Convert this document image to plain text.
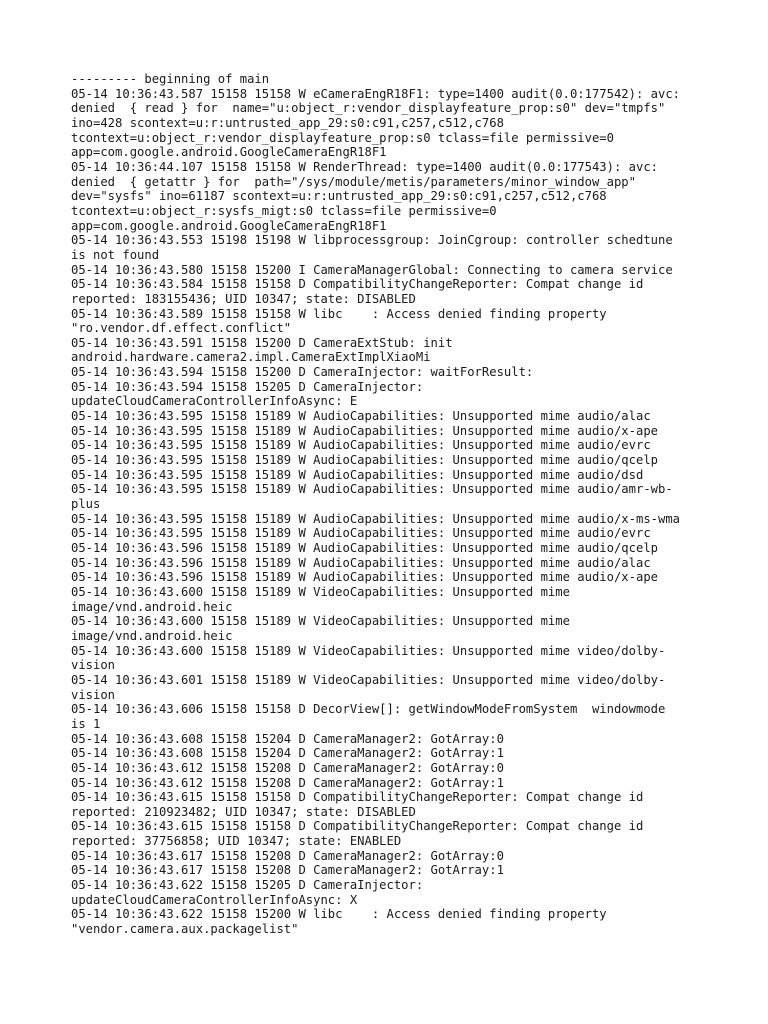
--------- beginning of main
05-14 10:36:43.587 15158 15158 W eCameraEngR18F1: type=1400 audit(0.0:177542): avc:
denied  { read } for  name="u:object_r:vendor_displayfeature_prop:s0" dev="tmpfs"
ino=428 scontext=u:r:untrusted_app_29:s0:c91,c257,c512,c768
tcontext=u:object_r:vendor_displayfeature_prop:s0 tclass=file permissive=0
app=com.google.android.GoogleCameraEngR18F1
05-14 10:36:44.107 15158 15158 W RenderThread: type=1400 audit(0.0:177543): avc:
denied  { getattr } for  path="/sys/module/metis/parameters/minor_window_app"
dev="sysfs" ino=61187 scontext=u:r:untrusted_app_29:s0:c91,c257,c512,c768
tcontext=u:object_r:sysfs_migt:s0 tclass=file permissive=0
app=com.google.android.GoogleCameraEngR18F1
05-14 10:36:43.553 15198 15198 W libprocessgroup: JoinCgroup: controller schedtune
is not found
05-14 10:36:43.580 15158 15200 I CameraManagerGlobal: Connecting to camera service
05-14 10:36:43.584 15158 15158 D CompatibilityChangeReporter: Compat change id
reported: 183155436; UID 10347; state: DISABLED
05-14 10:36:43.589 15158 15158 W libc    : Access denied finding property
"ro.vendor.df.effect.conflict"
05-14 10:36:43.591 15158 15200 D CameraExtStub: init
android.hardware.camera2.impl.CameraExtImplXiaoMi
05-14 10:36:43.594 15158 15200 D CameraInjector: waitForResult:
05-14 10:36:43.594 15158 15205 D CameraInjector:
updateCloudCameraControllerInfoAsync: E
05-14 10:36:43.595 15158 15189 W AudioCapabilities: Unsupported mime audio/alac
05-14 10:36:43.595 15158 15189 W AudioCapabilities: Unsupported mime audio/x-ape
05-14 10:36:43.595 15158 15189 W AudioCapabilities: Unsupported mime audio/evrc
05-14 10:36:43.595 15158 15189 W AudioCapabilities: Unsupported mime audio/qcelp
05-14 10:36:43.595 15158 15189 W AudioCapabilities: Unsupported mime audio/dsd
05-14 10:36:43.595 15158 15189 W AudioCapabilities: Unsupported mime audio/amr-wb-
plus
05-14 10:36:43.595 15158 15189 W AudioCapabilities: Unsupported mime audio/x-ms-wma
05-14 10:36:43.595 15158 15189 W AudioCapabilities: Unsupported mime audio/evrc
05-14 10:36:43.596 15158 15189 W AudioCapabilities: Unsupported mime audio/qcelp
05-14 10:36:43.596 15158 15189 W AudioCapabilities: Unsupported mime audio/alac
05-14 10:36:43.596 15158 15189 W AudioCapabilities: Unsupported mime audio/x-ape
05-14 10:36:43.600 15158 15189 W VideoCapabilities: Unsupported mime
image/vnd.android.heic
05-14 10:36:43.600 15158 15189 W VideoCapabilities: Unsupported mime
image/vnd.android.heic
05-14 10:36:43.600 15158 15189 W VideoCapabilities: Unsupported mime video/dolby-
vision
05-14 10:36:43.601 15158 15189 W VideoCapabilities: Unsupported mime video/dolby-
vision
05-14 10:36:43.606 15158 15158 D DecorView[]: getWindowModeFromSystem  windowmode
is 1
05-14 10:36:43.608 15158 15204 D CameraManager2: GotArray:0
05-14 10:36:43.608 15158 15204 D CameraManager2: GotArray:1
05-14 10:36:43.612 15158 15208 D CameraManager2: GotArray:0
05-14 10:36:43.612 15158 15208 D CameraManager2: GotArray:1
05-14 10:36:43.615 15158 15158 D CompatibilityChangeReporter: Compat change id
reported: 210923482; UID 10347; state: DISABLED
05-14 10:36:43.615 15158 15158 D CompatibilityChangeReporter: Compat change id
reported: 37756858; UID 10347; state: ENABLED
05-14 10:36:43.617 15158 15208 D CameraManager2: GotArray:0
05-14 10:36:43.617 15158 15208 D CameraManager2: GotArray:1
05-14 10:36:43.622 15158 15205 D CameraInjector:
updateCloudCameraControllerInfoAsync: X
05-14 10:36:43.622 15158 15200 W libc    : Access denied finding property
"vendor.camera.aux.packagelist"
